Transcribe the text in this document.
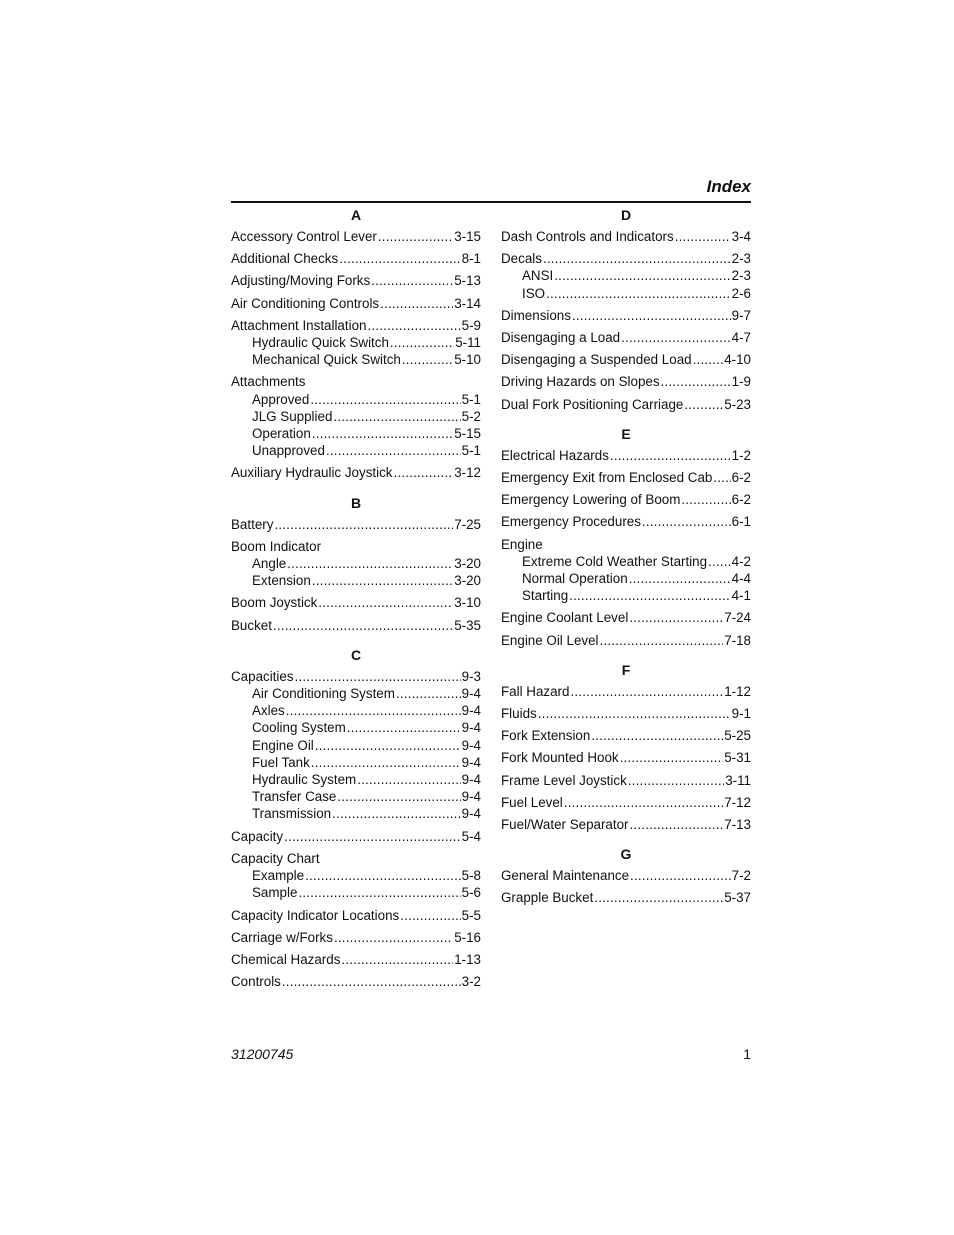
Index
A
Accessory Control Lever .....	3-15
Additional Checks .....	8-1
Adjusting/Moving Forks .....	5-13
Air Conditioning Controls .....	3-14
Attachment Installation .....	5-9
Hydraulic Quick Switch .....	5-11
Mechanical Quick Switch .....	5-10
Attachments
Approved .....	5-1
JLG Supplied .....	5-2
Operation .....	5-15
Unapproved .....	5-1
Auxiliary Hydraulic Joystick .....	3-12
B
Battery .....	7-25
Boom Indicator
Angle .....	3-20
Extension .....	3-20
Boom Joystick .....	3-10
Bucket .....	5-35
C
Capacities .....	9-3
Air Conditioning System .....	9-4
Axles .....	9-4
Cooling System .....	9-4
Engine Oil .....	9-4
Fuel Tank .....	9-4
Hydraulic System .....	9-4
Transfer Case .....	9-4
Transmission .....	9-4
Capacity .....	5-4
Capacity Chart
Example .....	5-8
Sample .....	5-6
Capacity Indicator Locations .....	5-5
Carriage w/Forks .....	5-16
Chemical Hazards .....	1-13
Controls .....	3-2
D
Dash Controls and Indicators .....	3-4
Decals .....	2-3
ANSI .....	2-3
ISO .....	2-6
Dimensions .....	9-7
Disengaging a Load .....	4-7
Disengaging a Suspended Load ..... 4-10
Driving Hazards on Slopes .....	1-9
Dual Fork Positioning Carriage .....	5-23
E
Electrical Hazards .....	1-2
Emergency Exit from Enclosed Cab ..... 6-2
Emergency Lowering of Boom .....	6-2
Emergency Procedures .....	6-1
Engine
Extreme Cold Weather Starting ..... 4-2
Normal Operation .....	4-4
Starting .....	4-1
Engine Coolant Level .....	7-24
Engine Oil Level .....	7-18
F
Fall Hazard .....	1-12
Fluids .....	9-1
Fork Extension .....	5-25
Fork Mounted Hook .....	5-31
Frame Level Joystick .....	3-11
Fuel Level .....	7-12
Fuel/Water Separator .....	7-13
G
General Maintenance .....	7-2
Grapple Bucket .....	5-37
31200745	1
